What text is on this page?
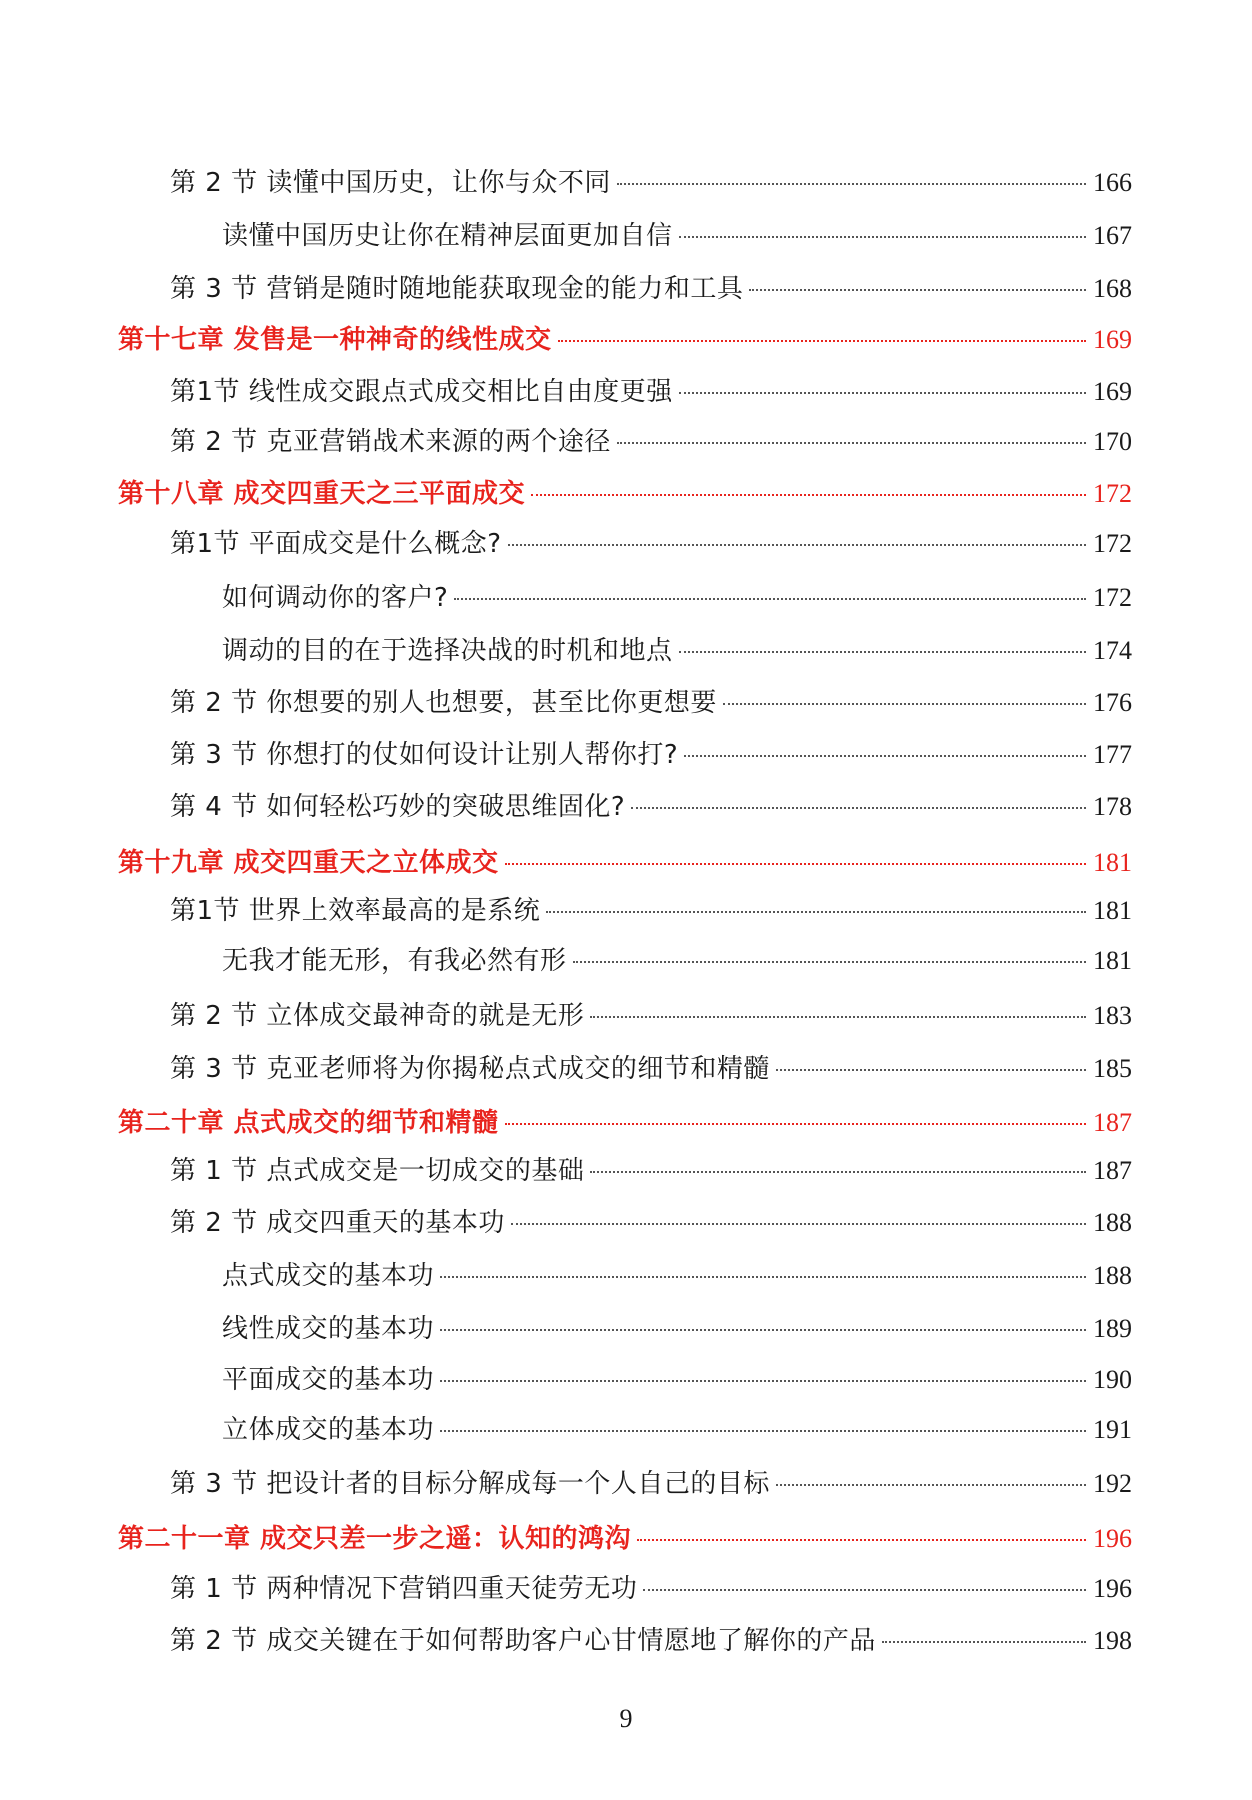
第 2 节 读懂中国历史，让你与众不同	166
读懂中国历史让你在精神层面更加自信	167
第 3 节 营销是随时随地能获取现金的能力和工具	168
第十七章 发售是一种神奇的线性成交	169
第1节 线性成交跟点式成交相比自由度更强	169
第 2 节 克亚营销战术来源的两个途径	170
第十八章 成交四重天之三平面成交	172
第1节 平面成交是什么概念?	172
如何调动你的客户?	172
调动的目的在于选择决战的时机和地点	174
第 2 节 你想要的别人也想要，甚至比你更想要	176
第 3 节 你想打的仗如何设计让别人帮你打?	177
第 4 节 如何轻松巧妙的突破思维固化?	178
第十九章 成交四重天之立体成交	181
第1节 世界上效率最高的是系统	181
无我才能无形，有我必然有形	181
第 2 节 立体成交最神奇的就是无形	183
第 3 节 克亚老师将为你揭秘点式成交的细节和精髓	185
第二十章 点式成交的细节和精髓	187
第 1 节 点式成交是一切成交的基础	187
第 2 节 成交四重天的基本功	188
点式成交的基本功	188
线性成交的基本功	189
平面成交的基本功	190
立体成交的基本功	191
第 3 节 把设计者的目标分解成每一个人自己的目标	192
第二十一章 成交只差一步之遥：认知的鸿沟	196
第 1 节 两种情况下营销四重天徒劳无功	196
第 2 节 成交关键在于如何帮助客户心甘情愿地了解你的产品	198
9
